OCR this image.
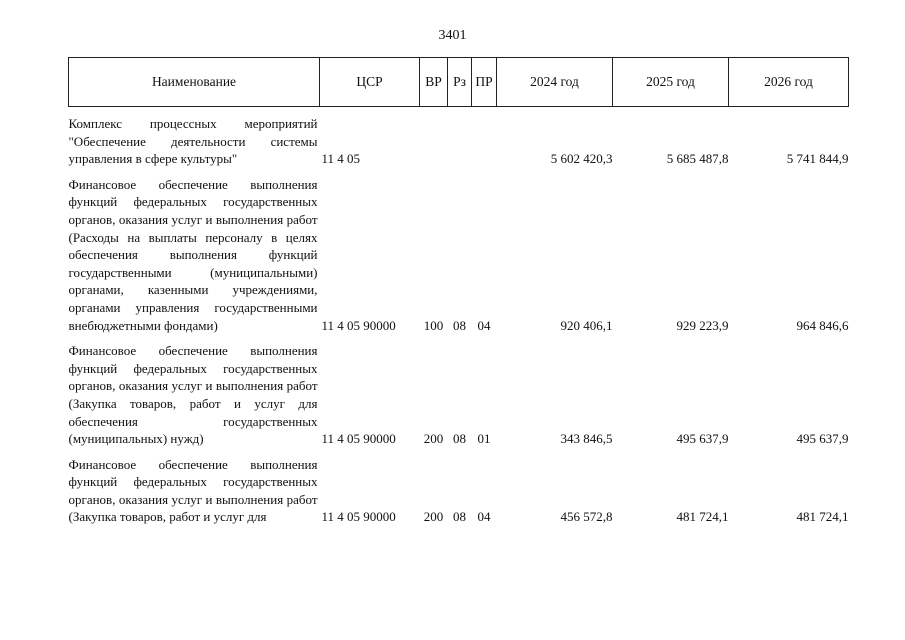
3401
Наименование	ЦСР	ВР	Рз	ПР	2024 год	2025 год	2026 год
Комплекс процессных мероприятий "Обеспечение деятельности системы управления в сфере культуры"	11 4 05				5 602 420,3	5 685 487,8	5 741 844,9
Финансовое обеспечение выполнения функций федеральных государственных органов, оказания услуг и выполнения работ (Расходы на выплаты персоналу в целях обеспечения выполнения функций государственными (муниципальными) органами, казенными учреждениями, органами управления государственными внебюджетными фондами)	11 4 05 90000	100	08	04	920 406,1	929 223,9	964 846,6
Финансовое обеспечение выполнения функций федеральных государственных органов, оказания услуг и выполнения работ (Закупка товаров, работ и услуг для обеспечения государственных (муниципальных) нужд)	11 4 05 90000	200	08	01	343 846,5	495 637,9	495 637,9
Финансовое обеспечение выполнения функций федеральных государственных органов, оказания услуг и выполнения работ (Закупка товаров, работ и услуг для	11 4 05 90000	200	08	04	456 572,8	481 724,1	481 724,1
